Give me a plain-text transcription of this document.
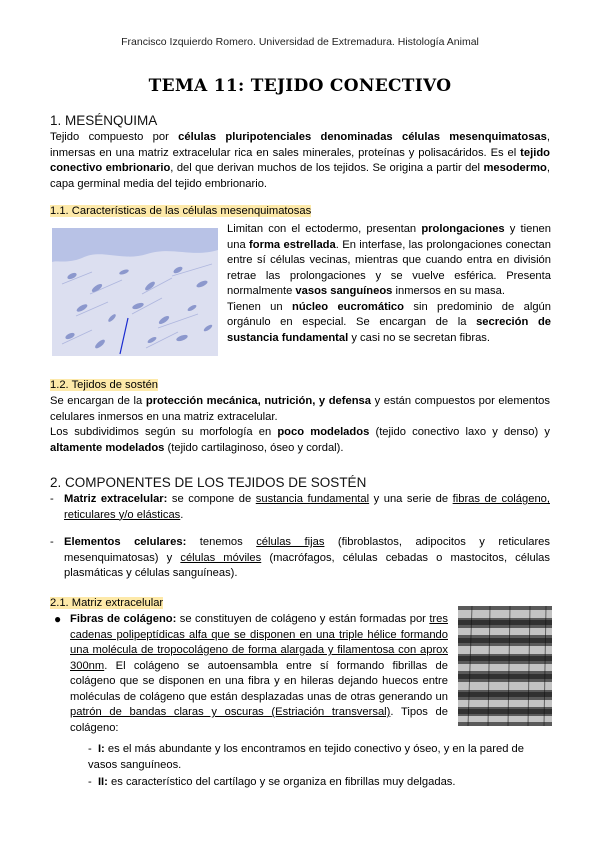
Francisco Izquierdo Romero. Universidad de Extremadura. Histología Animal
TEMA 11: TEJIDO CONECTIVO
1. MESÉNQUIMA
Tejido compuesto por células pluripotenciales denominadas células mesenquimatosas, inmersas en una matriz extracelular rica en sales minerales, proteínas y polisacáridos. Es el tejido conectivo embrionario, del que derivan muchos de los tejidos. Se origina a partir del mesodermo, capa germinal media del tejido embrionario.
1.1. Características de las células mesenquimatosas
Limitan con el ectodermo, presentan prolongaciones y tienen una forma estrellada. En interfase, las prolongaciones conectan entre sí células vecinas, mientras que cuando entra en división retrae las prolongaciones y se vuelve esférica. Presenta normalmente vasos sanguíneos inmersos en su masa.
Tienen un núcleo eucromático sin predominio de algún orgánulo en especial. Se encargan de la secreción de sustancia fundamental y casi no se secretan fibras.
1.2. Tejidos de sostén
Se encargan de la protección mecánica, nutrición, y defensa y están compuestos por elementos celulares inmersos en una matriz extracelular.
Los subdividimos según su morfología en poco modelados (tejido conectivo laxo y denso) y altamente modelados (tejido cartilaginoso, óseo y cordal).
2. COMPONENTES DE LOS TEJIDOS DE SOSTÉN
- Matriz extracelular: se compone de sustancia fundamental y una serie de fibras de colágeno, reticulares y/o elásticas.
- Elementos celulares: tenemos células fijas (fibroblastos, adipocitos y reticulares mesenquimatosas) y células móviles (macrófagos, células cebadas o mastocitos, células plasmáticas y células sanguíneas).
2.1. Matriz extracelular
● Fibras de colágeno: se constituyen de colágeno y están formadas por tres cadenas polipeptídicas alfa que se disponen en una triple hélice formando una molécula de tropocolágeno de forma alargada y filamentosa con aprox 300nm. El colágeno se autoensambla entre sí formando fibrillas de colágeno que se disponen en una fibra y en hileras dejando huecos entre moléculas de colágeno que están desplazadas unas de otras generando un patrón de bandas claras y oscuras (Estriación transversal). Tipos de colágeno:
- I: es el más abundante y los encontramos en tejido conectivo y óseo, y en la pared de vasos sanguíneos.
- II: es característico del cartílago y se organiza en fibrillas muy delgadas.
